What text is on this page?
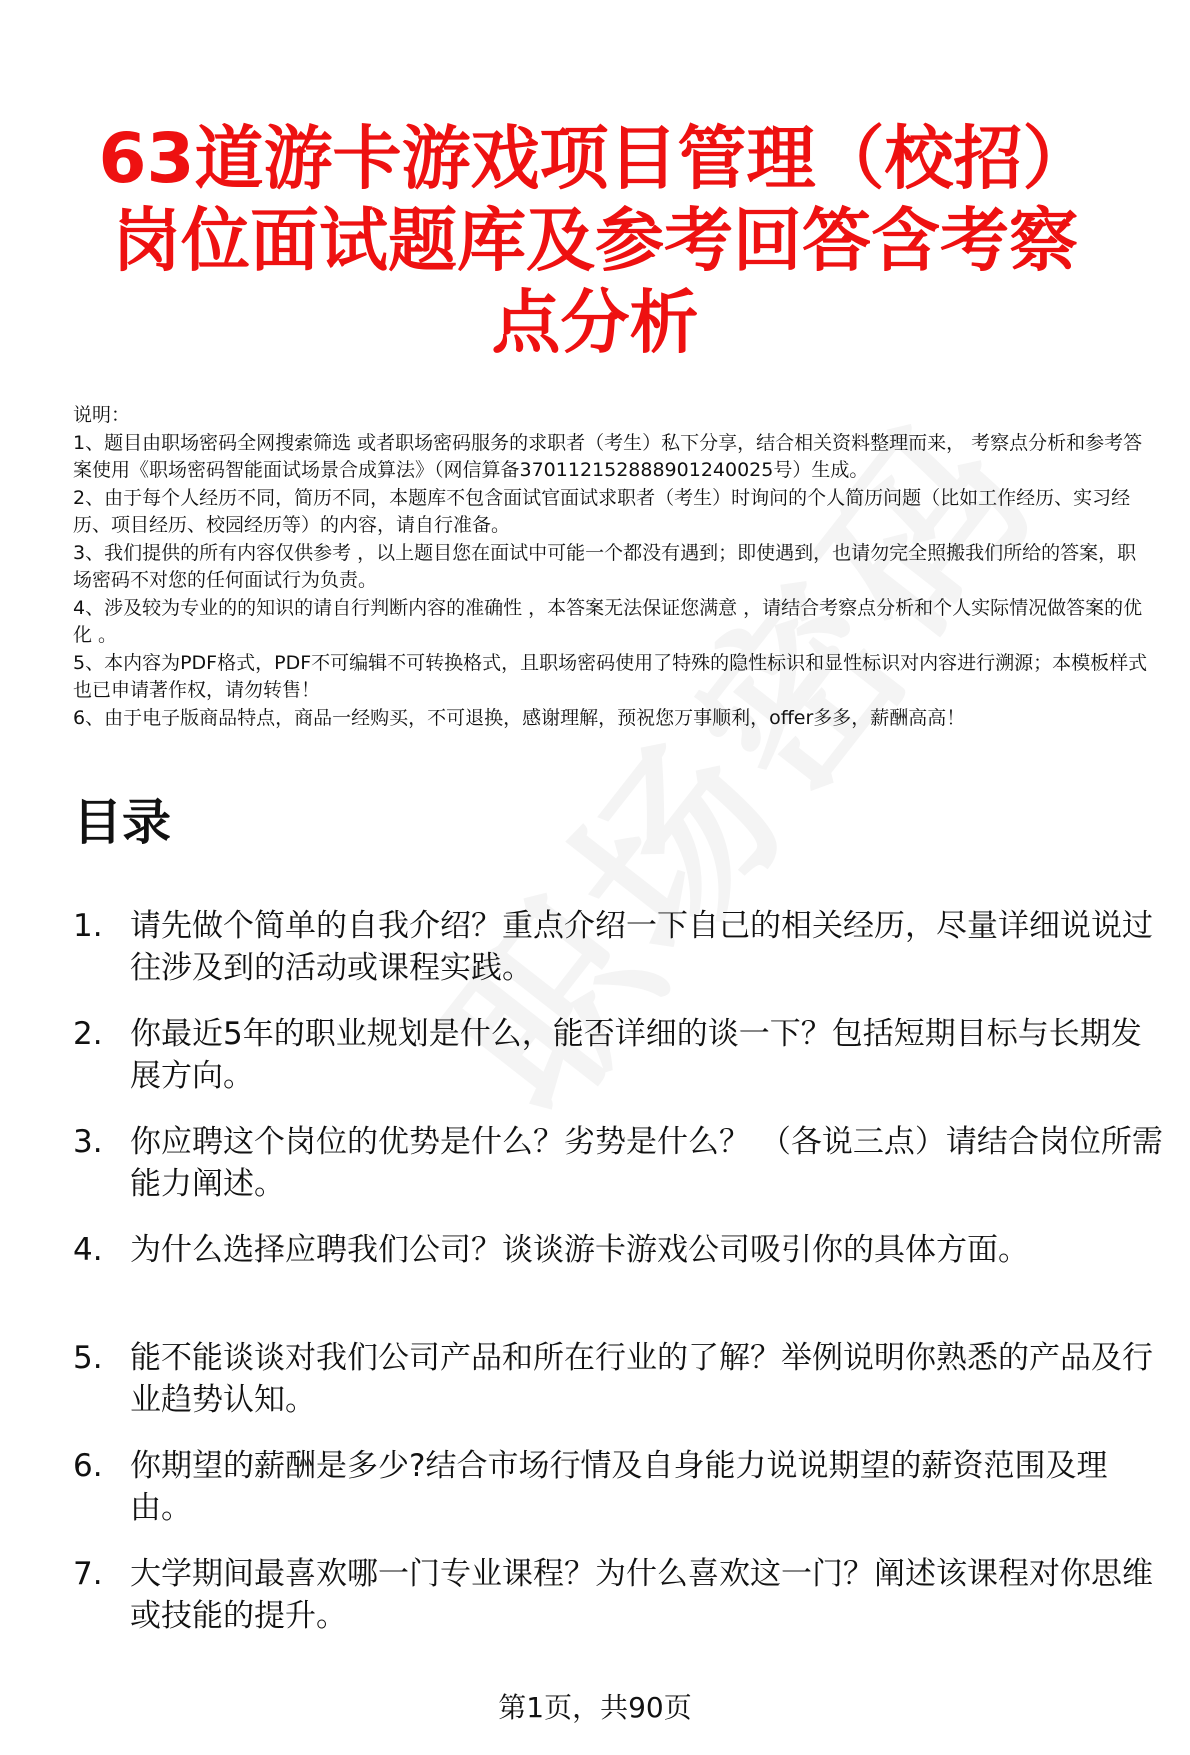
63道游卡游戏项目管理（校招）岗位面试题库及参考回答含考察点分析

说明：

1、题目由职场密码全网搜索筛选 或者职场密码服务的求职者（考生）私下分享，结合相关资料整理而来， 考察点分析和参考答案使用《职场密码智能面试场景合成算法》（网信算备370112152888901240025号）生成。

2、由于每个人经历不同，简历不同，本题库不包含面试官面试求职者（考生）时询问的个人简历问题（比如工作经历、实习经历、项目经历、校园经历等）的内容，请自行准备。

3、我们提供的所有内容仅供参考 ，以上题目您在面试中可能一个都没有遇到；即使遇到，也请勿完全照搬我们所给的答案，职场密码不对您的任何面试行为负责。

4、涉及较为专业的的知识的请自行判断内容的准确性 ，本答案无法保证您满意 ，请结合考察点分析和个人实际情况做答案的优化 。

5、本内容为PDF格式，PDF不可编辑不可转换格式，且职场密码使用了特殊的隐性标识和显性标识对内容进行溯源；本模板样式也已申请著作权，请勿转售！

6、由于电子版商品特点，商品一经购买，不可退换，感谢理解，预祝您万事顺利，offer多多，薪酬高高！

目录
1. 请先做个简单的自我介绍？重点介绍一下自己的相关经历，尽量详细说说过往涉及到的活动或课程实践。
2. 你最近5年的职业规划是什么，能否详细的谈一下？包括短期目标与长期发展方向。
3. 你应聘这个岗位的优势是什么？劣势是什么？ （各说三点）请结合岗位所需能力阐述。
4. 为什么选择应聘我们公司？谈谈游卡游戏公司吸引你的具体方面。
5. 能不能谈谈对我们公司产品和所在行业的了解？举例说明你熟悉的产品及行业趋势认知。
6. 你期望的薪酬是多少?结合市场行情及自身能力说说期望的薪资范围及理由。
7. 大学期间最喜欢哪一门专业课程？为什么喜欢这一门？阐述该课程对你思维或技能的提升。
第1页，共90页
